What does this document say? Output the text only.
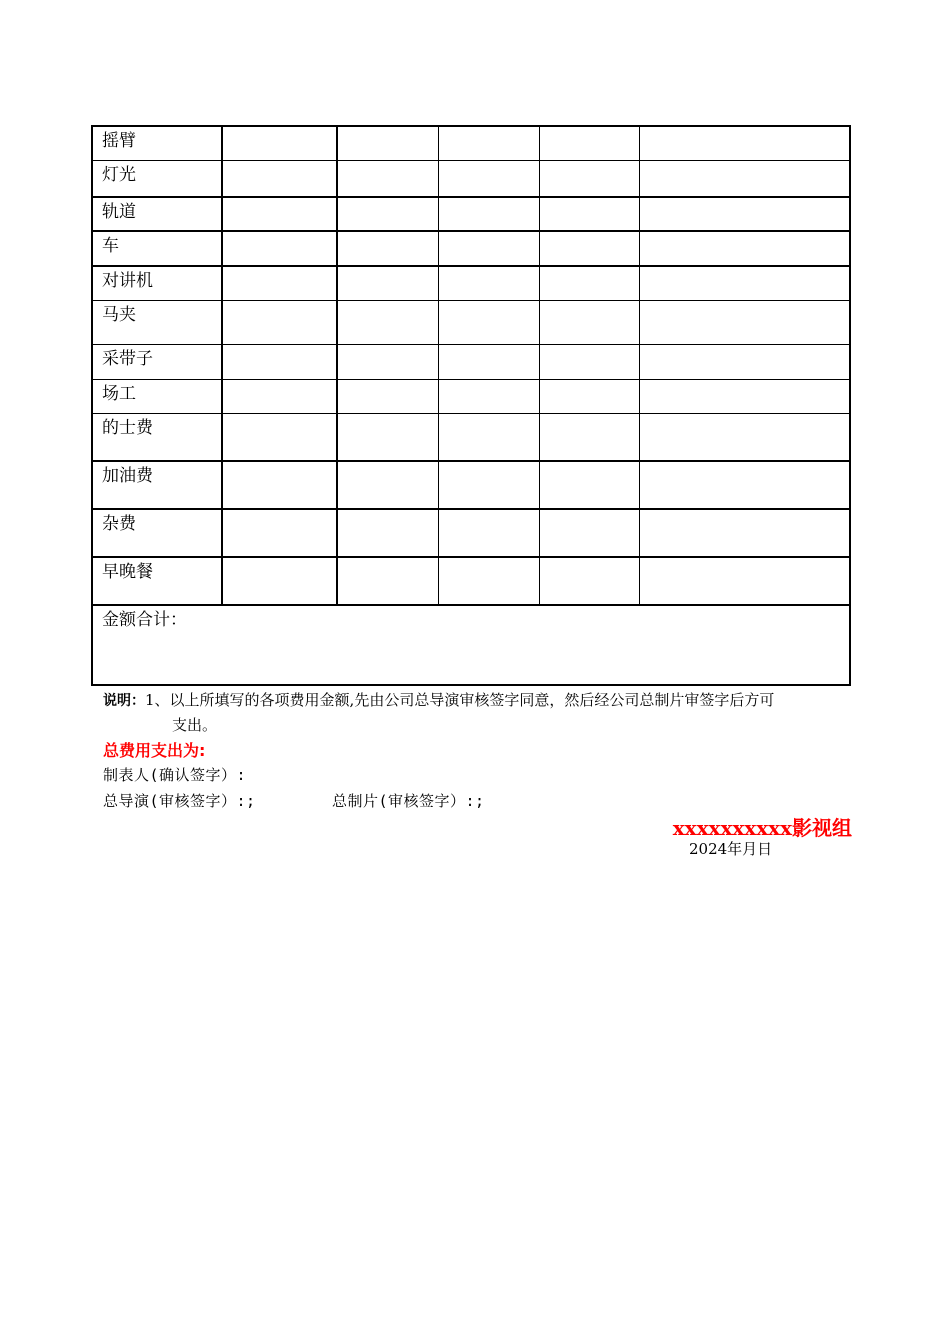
摇臂					
灯光					
轨道					
车					
对讲机					
马夹					
采带子					
场工					
的士费					
加油费					
杂费					
早晚餐					
金额合计：					
说明：1、以上所填写的各项费用金额,先由公司总导演审核签字同意，然后经公司总制片审签字后方可
支出。
总费用支出为:
制表人(确认签字）:
总导演(审核签字）:;	总制片(审核签字）:;
xxxxxxxxxx影视组
2024年月日
